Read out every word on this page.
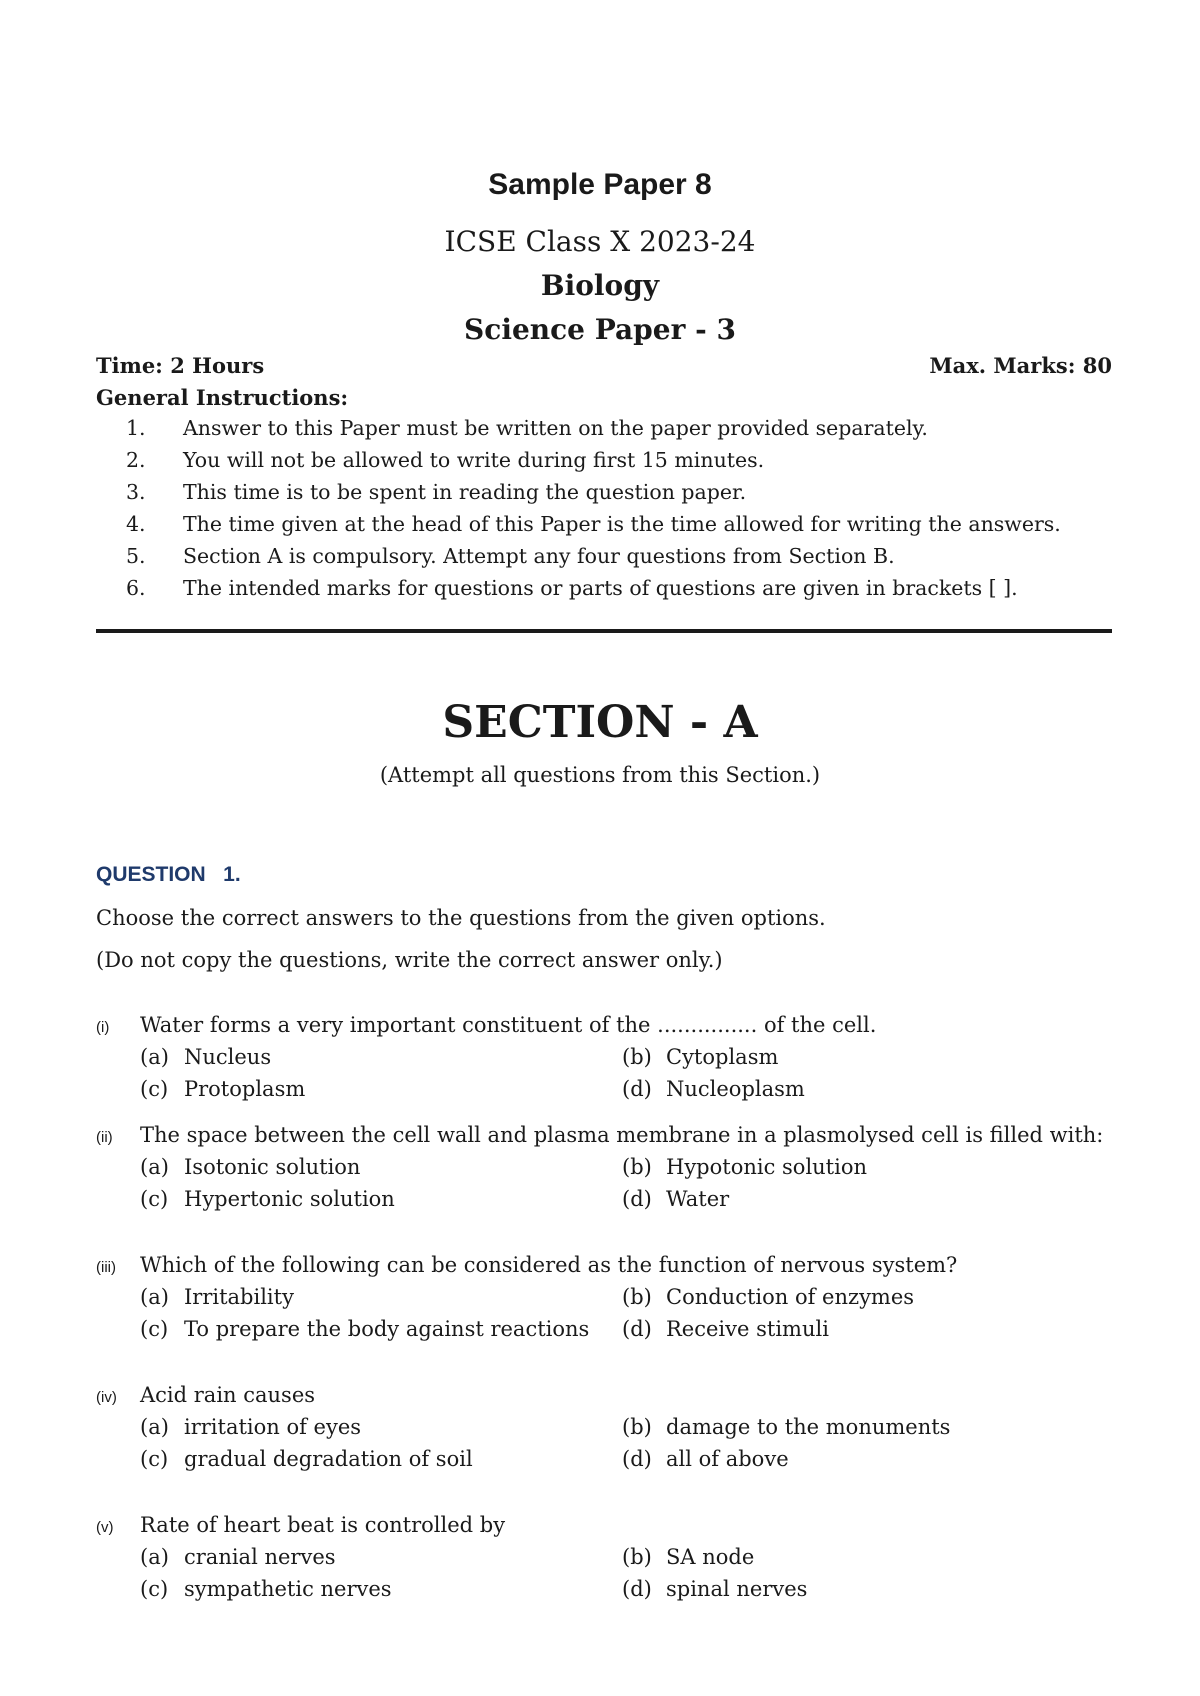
Sample Paper 8
ICSE Class X 2023-24
Biology
Science Paper - 3
Time: 2 Hours	Max. Marks: 80
General Instructions:
1. Answer to this Paper must be written on the paper provided separately.
2. You will not be allowed to write during first 15 minutes.
3. This time is to be spent in reading the question paper.
4. The time given at the head of this Paper is the time allowed for writing the answers.
5. Section A is compulsory. Attempt any four questions from Section B.
6. The intended marks for questions or parts of questions are given in brackets [ ].
SECTION - A
(Attempt all questions from this Section.)
QUESTION   1.
Choose the correct answers to the questions from the given options.
(Do not copy the questions, write the correct answer only.)
(i) Water forms a very important constituent of the ............... of the cell.
(a) Nucleus	(b) Cytoplasm
(c) Protoplasm	(d) Nucleoplasm
(ii) The space between the cell wall and plasma membrane in a plasmolysed cell is filled with:
(a) Isotonic solution	(b) Hypotonic solution
(c) Hypertonic solution	(d) Water
(iii) Which of the following can be considered as the function of nervous system?
(a) Irritability	(b) Conduction of enzymes
(c) To prepare the body against reactions (d) Receive stimuli
(iv) Acid rain causes
(a) irritation of eyes	(b) damage to the monuments
(c) gradual degradation of soil	(d) all of above
(v) Rate of heart beat is controlled by
(a) cranial nerves	(b) SA node
(c) sympathetic nerves	(d) spinal nerves
